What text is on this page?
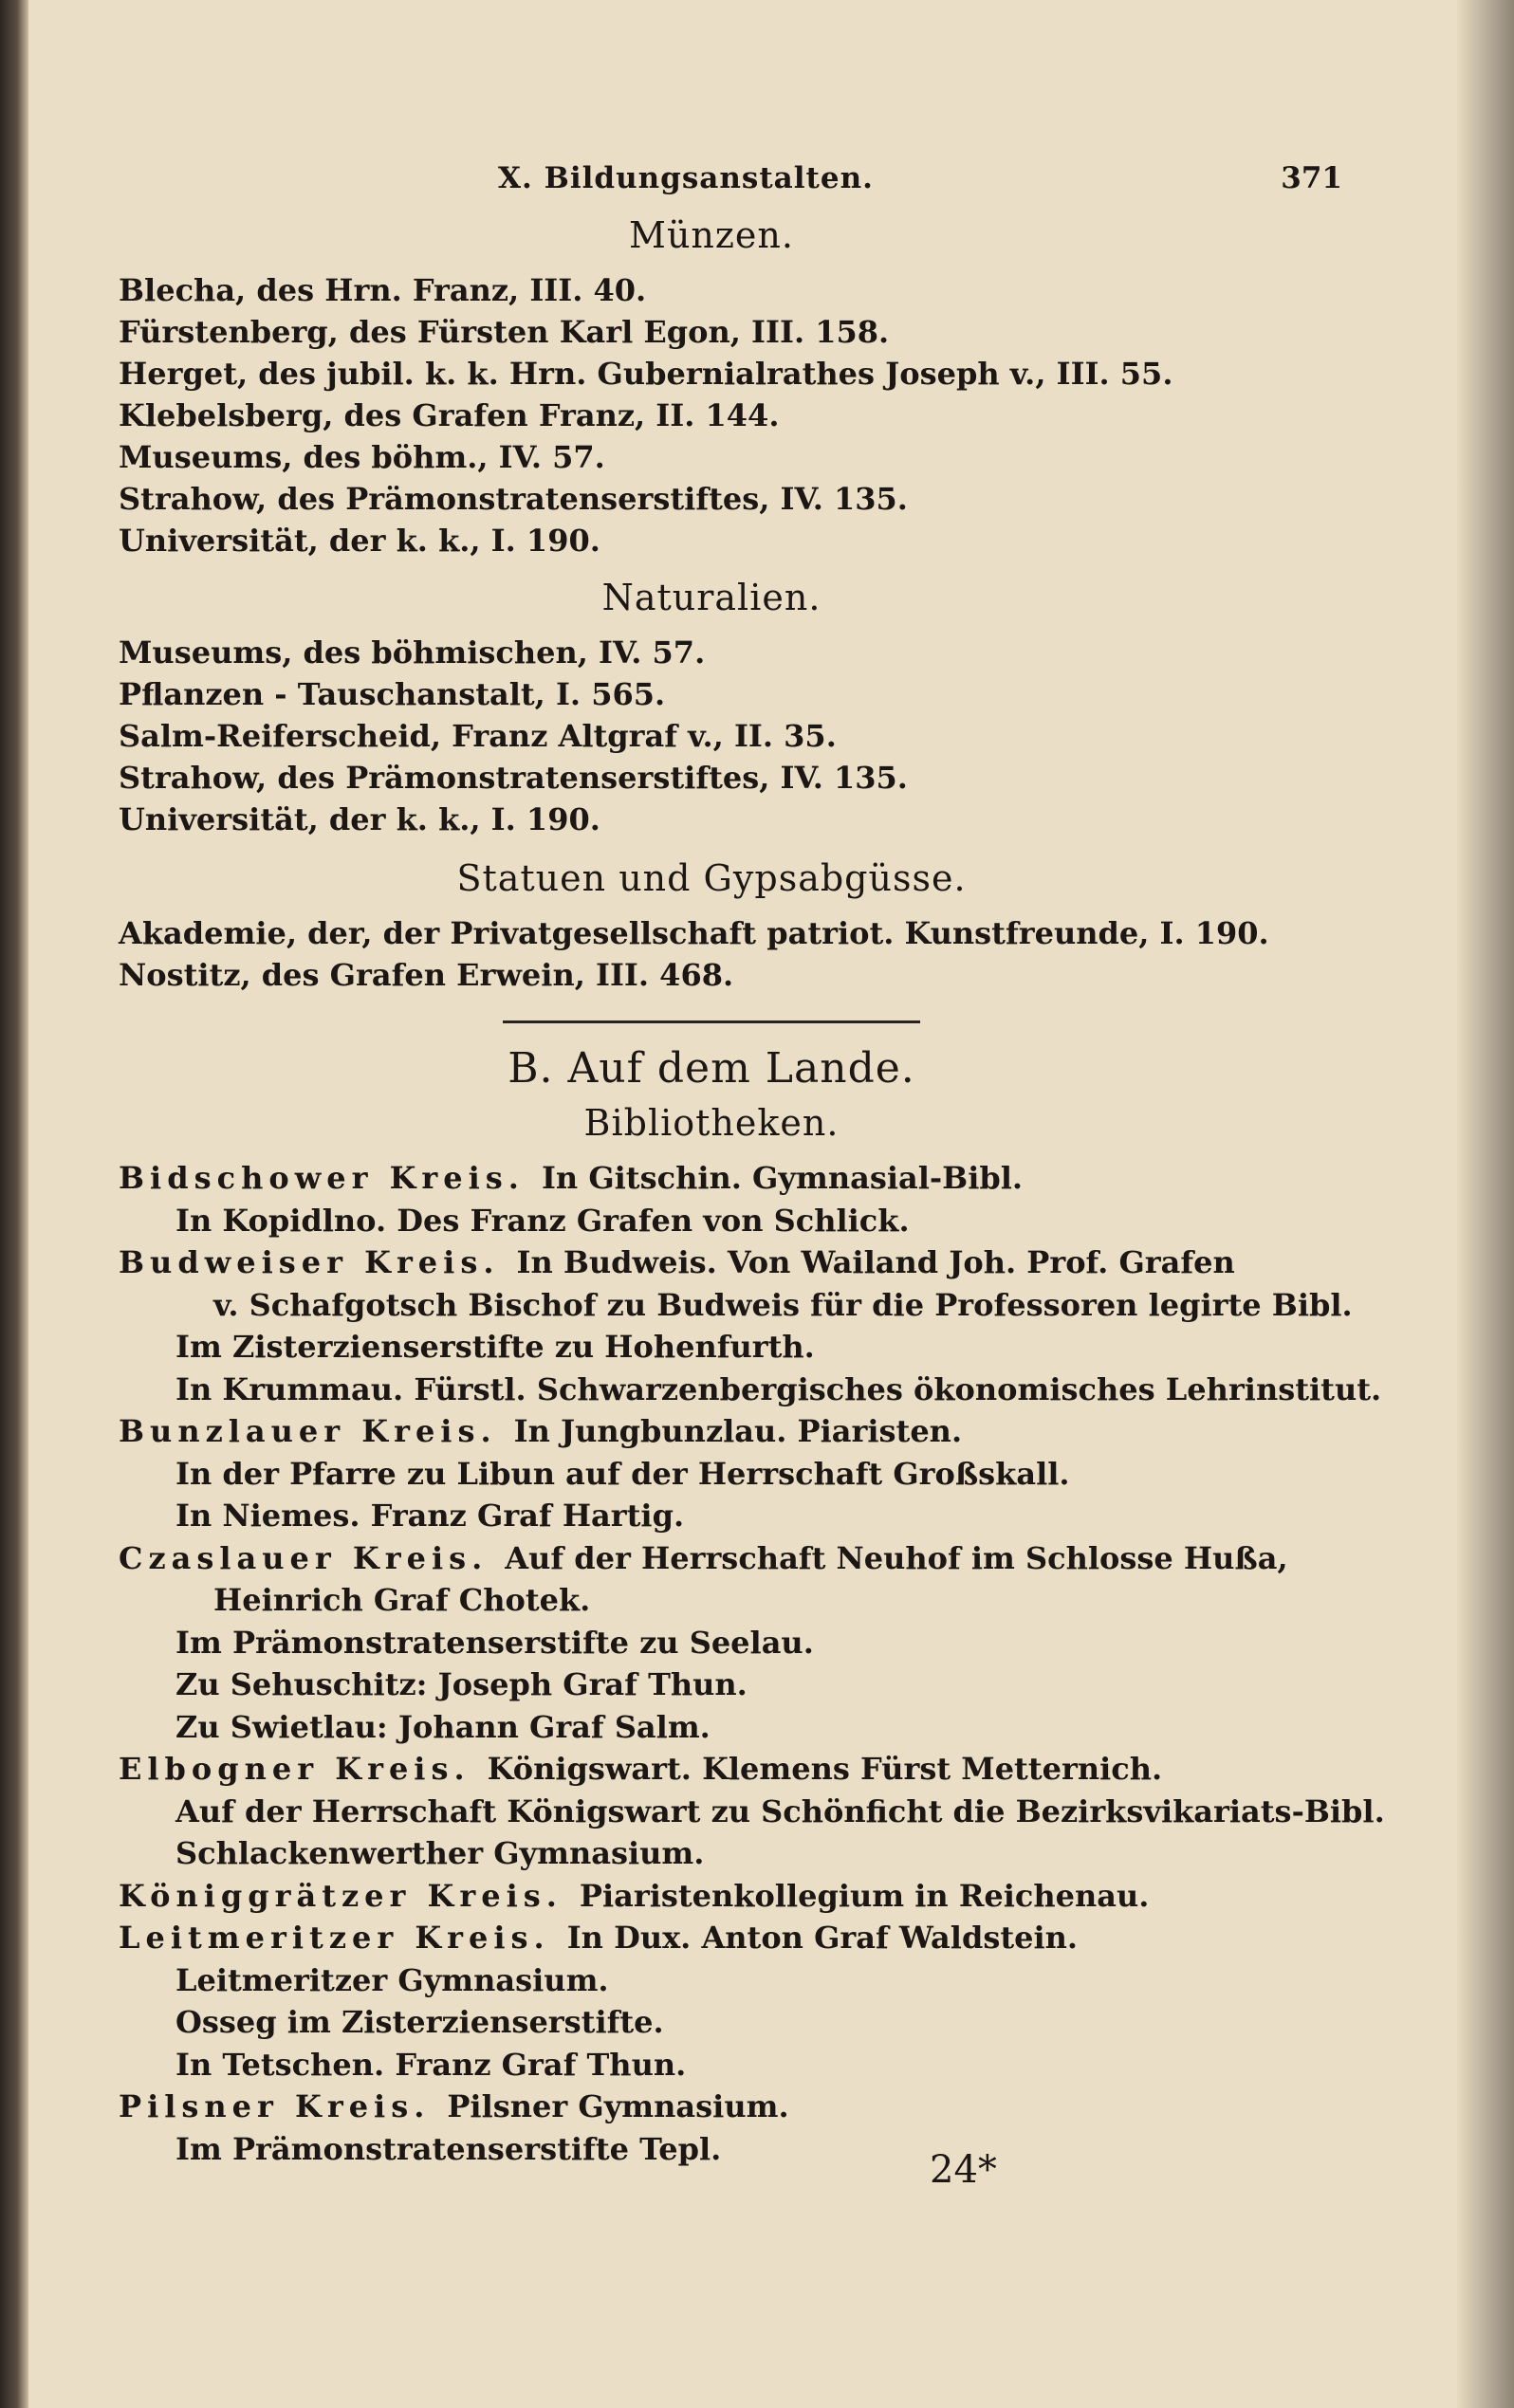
X. Bildungsanstalten.	371
Münzen.
Blecha, des Hrn. Franz, III. 40.
Fürstenberg, des Fürsten Karl Egon, III. 158.
Herget, des jubil. k. k. Hrn. Gubernialrathes Joseph v., III. 55.
Klebelsberg, des Grafen Franz, II. 144.
Museums, des böhm., IV. 57.
Strahow, des Prämonstratenserstiftes, IV. 135.
Universität, der k. k., I. 190.
Naturalien.
Museums, des böhmischen, IV. 57.
Pflanzen - Tauschanstalt, I. 565.
Salm-Reiferscheid, Franz Altgraf v., II. 35.
Strahow, des Prämonstratenserstiftes, IV. 135.
Universität, der k. k., I. 190.
Statuen und Gypsabgüsse.
Akademie, der, der Privatgesellschaft patriot. Kunstfreunde, I. 190.
Nostitz, des Grafen Erwein, III. 468.
B. Auf dem Lande.
Bibliotheken.
Bidschower Kreis. In Gitschin. Gymnasial-Bibl.
In Kopidlno. Des Franz Grafen von Schlick.
Budweiser Kreis. In Budweis. Von Wailand Joh. Prof. Grafen
v. Schafgotsch Bischof zu Budweis für die Professoren legirte Bibl.
Im Zisterzienserstifte zu Hohenfurth.
In Krummau. Fürstl. Schwarzenbergisches ökonomisches Lehrinstitut.
Bunzlauer Kreis. In Jungbunzlau. Piaristen.
In der Pfarre zu Libun auf der Herrschaft Großskall.
In Niemes. Franz Graf Hartig.
Czaslauer Kreis. Auf der Herrschaft Neuhof im Schlosse Hußa,
Heinrich Graf Chotek.
Im Prämonstratenserstifte zu Seelau.
Zu Sehuschitz: Joseph Graf Thun.
Zu Swietlau: Johann Graf Salm.
Elbogner Kreis. Königswart. Klemens Fürst Metternich.
Auf der Herrschaft Königswart zu Schönficht die Bezirksvikariats-Bibl.
Schlackenwerther Gymnasium.
Königgrätzer Kreis. Piaristenkollegium in Reichenau.
Leitmeritzer Kreis. In Dux. Anton Graf Waldstein.
Leitmeritzer Gymnasium.
Osseg im Zisterzienserstifte.
In Tetschen. Franz Graf Thun.
Pilsner Kreis. Pilsner Gymnasium.
Im Prämonstratenserstifte Tepl.	24*
